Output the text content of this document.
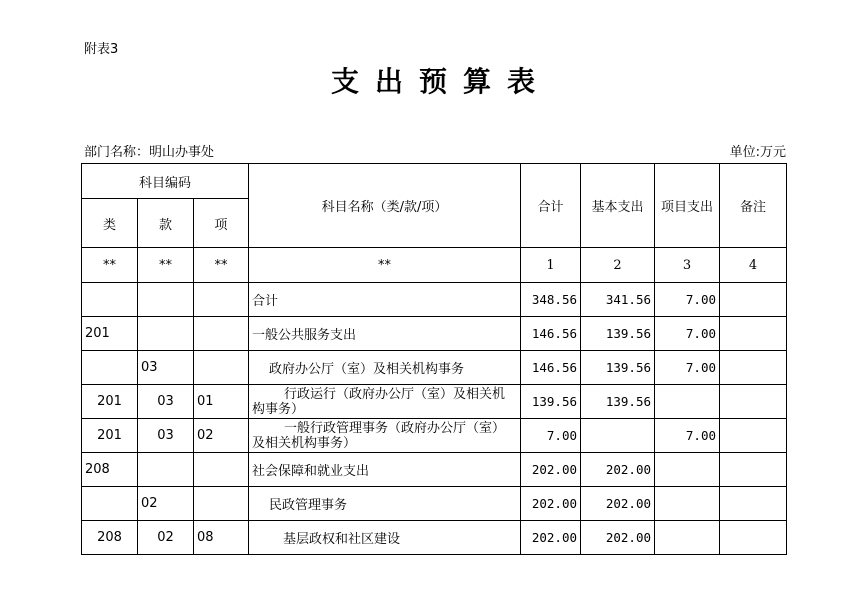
附表3
支出预算表
部门名称：明山办事处	单位:万元
科目编码			科目名称（类/款/项）	合计	基本支出	项目支出	备注
类	款	项					
**	**	**	**	1	2	3	4
			合计	348.56	341.56	7.00	
201			一般公共服务支出	146.56	139.56	7.00	
	03		政府办公厅（室）及相关机构事务	146.56	139.56	7.00	
201	03	01	行政运行（政府办公厅（室）及相关机构事务）	139.56	139.56		
201	03	02	一般行政管理事务（政府办公厅（室）及相关机构事务）	7.00		7.00	
208			社会保障和就业支出	202.00	202.00		
	02		民政管理事务	202.00	202.00		
208	02	08	基层政权和社区建设	202.00	202.00		
